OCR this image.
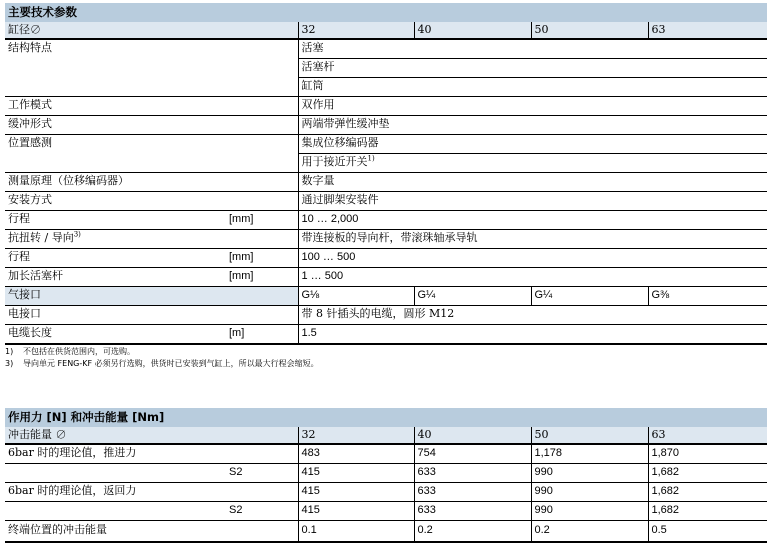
主要技术参数					
缸径∅		32	40	50	63
结构特点		活塞			
		活塞杆			
		缸筒			
工作模式		双作用			
缓冲形式		两端带弹性缓冲垫			
位置感测		集成位移编码器			
		用于接近开关$^{1)}$
测量原理（位移编码器）		数字量			
安装方式		通过脚架安装件			
行程	[mm]	10 … 2,000			
抗扭转 / 导向$^{3)}$		带连接板的导向杆，带滚珠轴承导轨			
行程	[mm]	100 … 500			
加长活塞杆	[mm]	1 … 500			
气接口		G⅛	G¼	G¼	G⅜
电接口		带 8 针插头的电缆，圆形 M12			
电缆长度	[m]	1.5			
1) 不包括在供货范围内，可选购。
3) 导向单元 FENG-KF 必须另行选购，供货时已安装到气缸上，所以最大行程会缩短。
作用力 [N] 和冲击能量 [Nm]					
冲击能量 ∅		32	40	50	63
6bar 时的理论值，推进力		483	754	1,178	1,870
	S2	415	633	990	1,682
6bar 时的理论值，返回力		415	633	990	1,682
	S2	415	633	990	1,682
终端位置的冲击能量		0.1	0.2	0.2	0.5
